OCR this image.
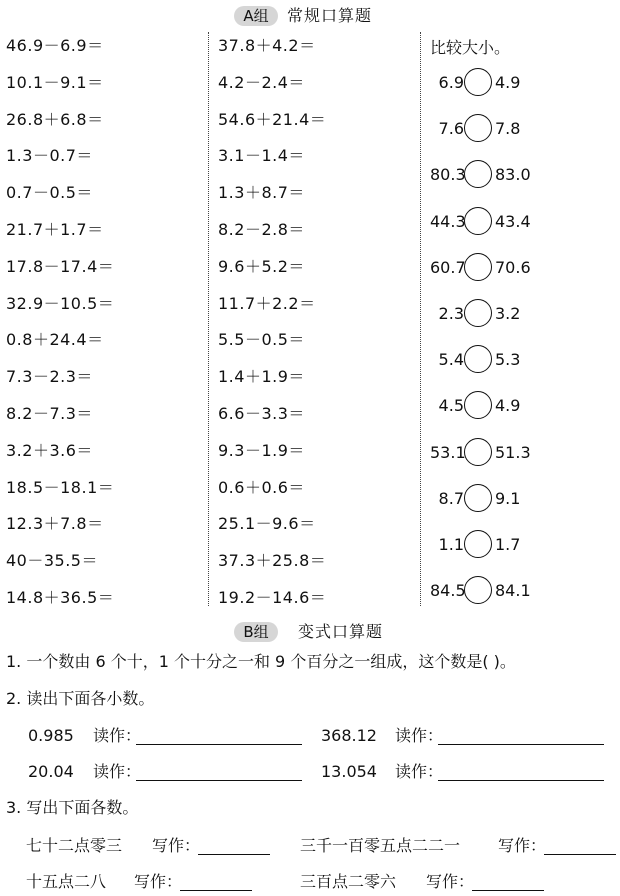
A组	常规口算题
46.9－6.9＝
10.1－9.1＝
26.8＋6.8＝
1.3－0.7＝
0.7－0.5＝
21.7＋1.7＝
17.8－17.4＝
32.9－10.5＝
0.8＋24.4＝
7.3－2.3＝
8.2－7.3＝
3.2＋3.6＝
18.5－18.1＝
12.3＋7.8＝
40－35.5＝
14.8＋36.5＝
37.8＋4.2＝
4.2－2.4＝
54.6＋21.4＝
3.1－1.4＝
1.3＋8.7＝
8.2－2.8＝
9.6＋5.2＝
11.7＋2.2＝
5.5－0.5＝
1.4＋1.9＝
6.6－3.3＝
9.3－1.9＝
0.6＋0.6＝
25.1－9.6＝
37.3＋25.8＝
19.2－14.6＝
比较大小。
6.9 4.9
7.6 7.8
80.3 83.0
44.3 43.4
60.7 70.6
2.3 3.2
5.4 5.3
4.5 4.9
53.1 51.3
8.7 9.1
1.1 1.7
84.5 84.1
B组	变式口算题
1. 一个数由 6 个十，1 个十分之一和 9 个百分之一组成，这个数是( )。
2. 读出下面各小数。
0.985 读作：	368.12 读作：
20.04 读作：	13.054 读作：
3. 写出下面各数。
七十二点零三 写作：	三千一百零五点二二一 写作：
十五点二八 写作：	三百点二零六 写作：
